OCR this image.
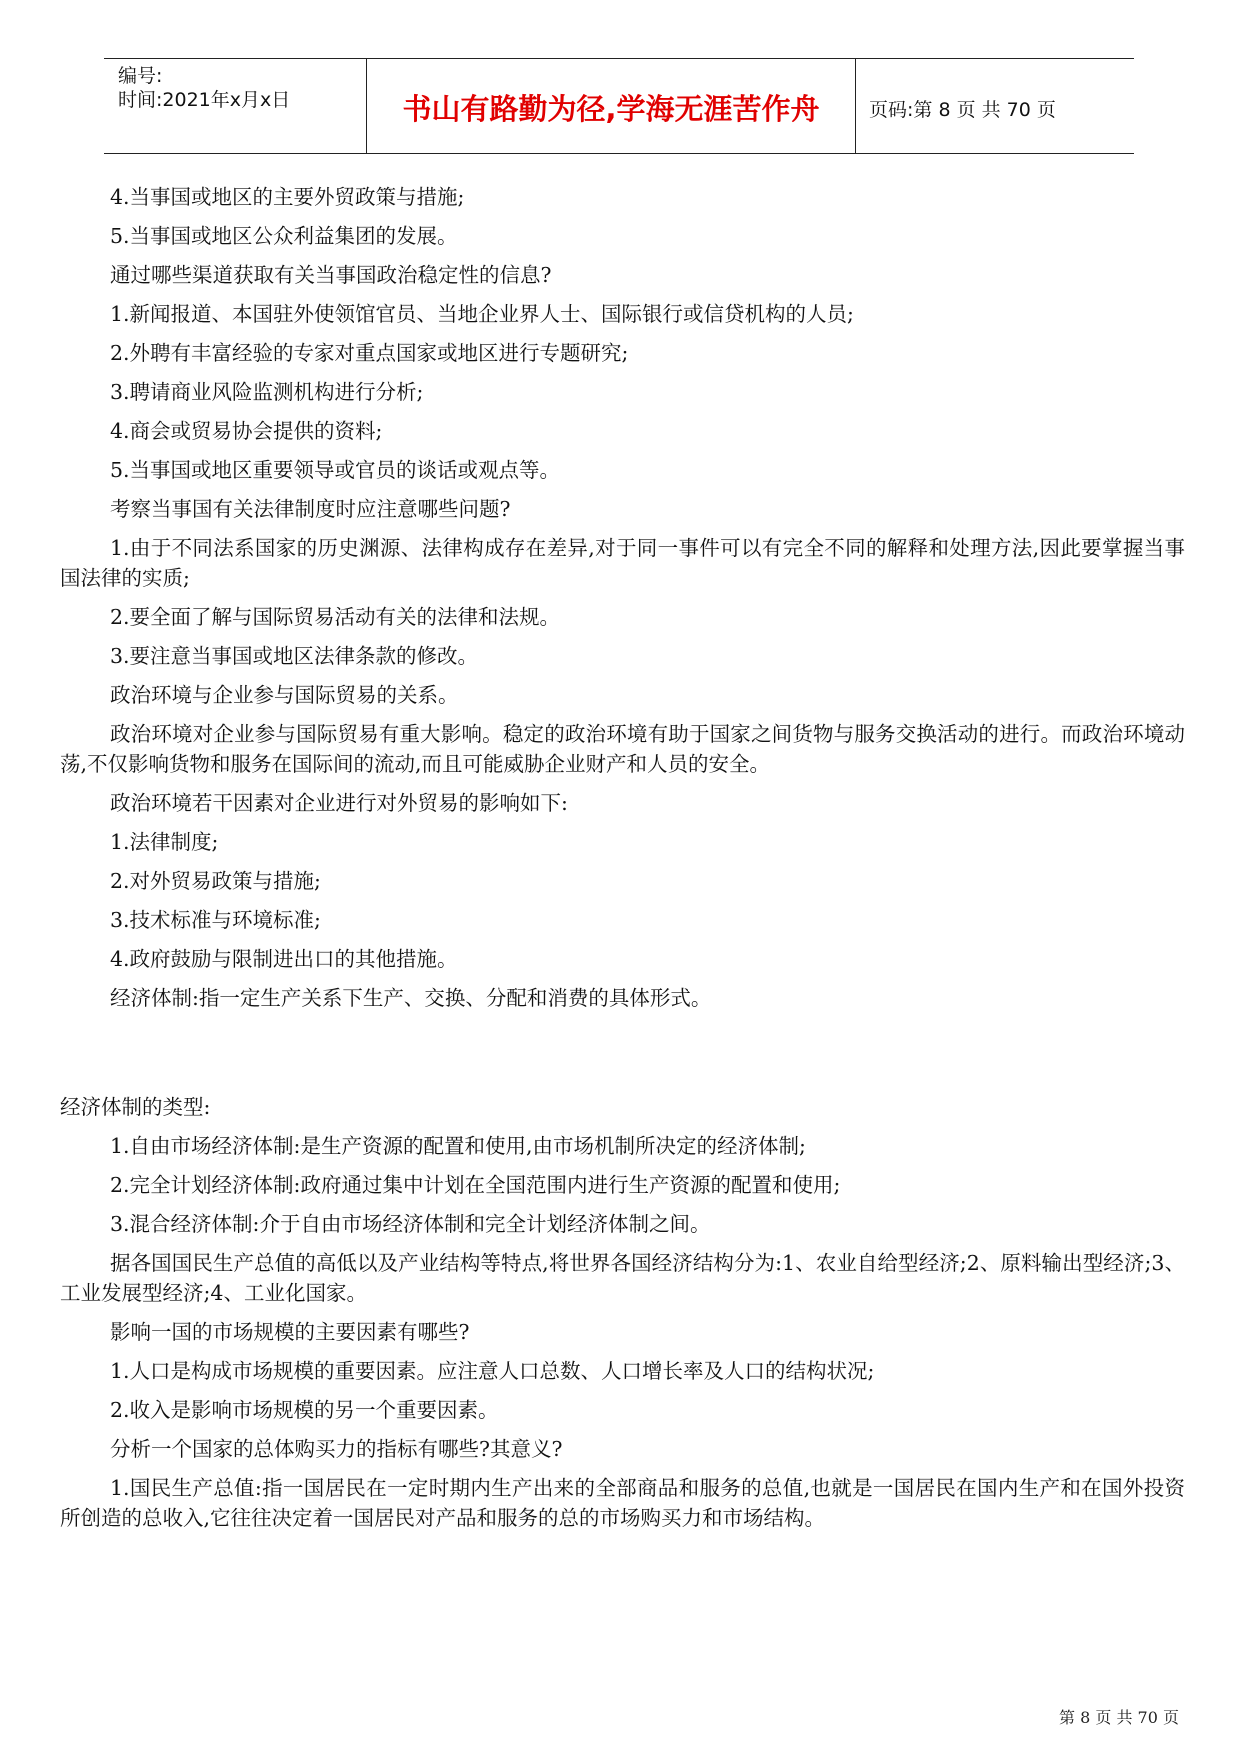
编号:
时间:2021年x月x日	书山有路勤为径,学海无涯苦作舟	页码:第 8 页 共 70 页

4.当事国或地区的主要外贸政策与措施;

5.当事国或地区公众利益集团的发展。

通过哪些渠道获取有关当事国政治稳定性的信息?

1.新闻报道、本国驻外使领馆官员、当地企业界人士、国际银行或信贷机构的人员;

2.外聘有丰富经验的专家对重点国家或地区进行专题研究;

3.聘请商业风险监测机构进行分析;

4.商会或贸易协会提供的资料;

5.当事国或地区重要领导或官员的谈话或观点等。

考察当事国有关法律制度时应注意哪些问题?

1.由于不同法系国家的历史渊源、法律构成存在差异,对于同一事件可以有完全不同的解释和处理方法,因此要掌握当事国法律的实质;

2.要全面了解与国际贸易活动有关的法律和法规。

3.要注意当事国或地区法律条款的修改。

政治环境与企业参与国际贸易的关系。

政治环境对企业参与国际贸易有重大影响。稳定的政治环境有助于国家之间货物与服务交换活动的进行。而政治环境动荡,不仅影响货物和服务在国际间的流动,而且可能威胁企业财产和人员的安全。

政治环境若干因素对企业进行对外贸易的影响如下:

1.法律制度;

2.对外贸易政策与措施;

3.技术标准与环境标准;

4.政府鼓励与限制进出口的其他措施。

经济体制:指一定生产关系下生产、交换、分配和消费的具体形式。

经济体制的类型:

1.自由市场经济体制:是生产资源的配置和使用,由市场机制所决定的经济体制;

2.完全计划经济体制:政府通过集中计划在全国范围内进行生产资源的配置和使用;

3.混合经济体制:介于自由市场经济体制和完全计划经济体制之间。

据各国国民生产总值的高低以及产业结构等特点,将世界各国经济结构分为:1、农业自给型经济;2、原料输出型经济;3、工业发展型经济;4、工业化国家。

影响一国的市场规模的主要因素有哪些?

1.人口是构成市场规模的重要因素。应注意人口总数、人口增长率及人口的结构状况;

2.收入是影响市场规模的另一个重要因素。

分析一个国家的总体购买力的指标有哪些?其意义?

1.国民生产总值:指一国居民在一定时期内生产出来的全部商品和服务的总值,也就是一国居民在国内生产和在国外投资所创造的总收入,它往往决定着一国居民对产品和服务的总的市场购买力和市场结构。

第 8 页 共 70 页
